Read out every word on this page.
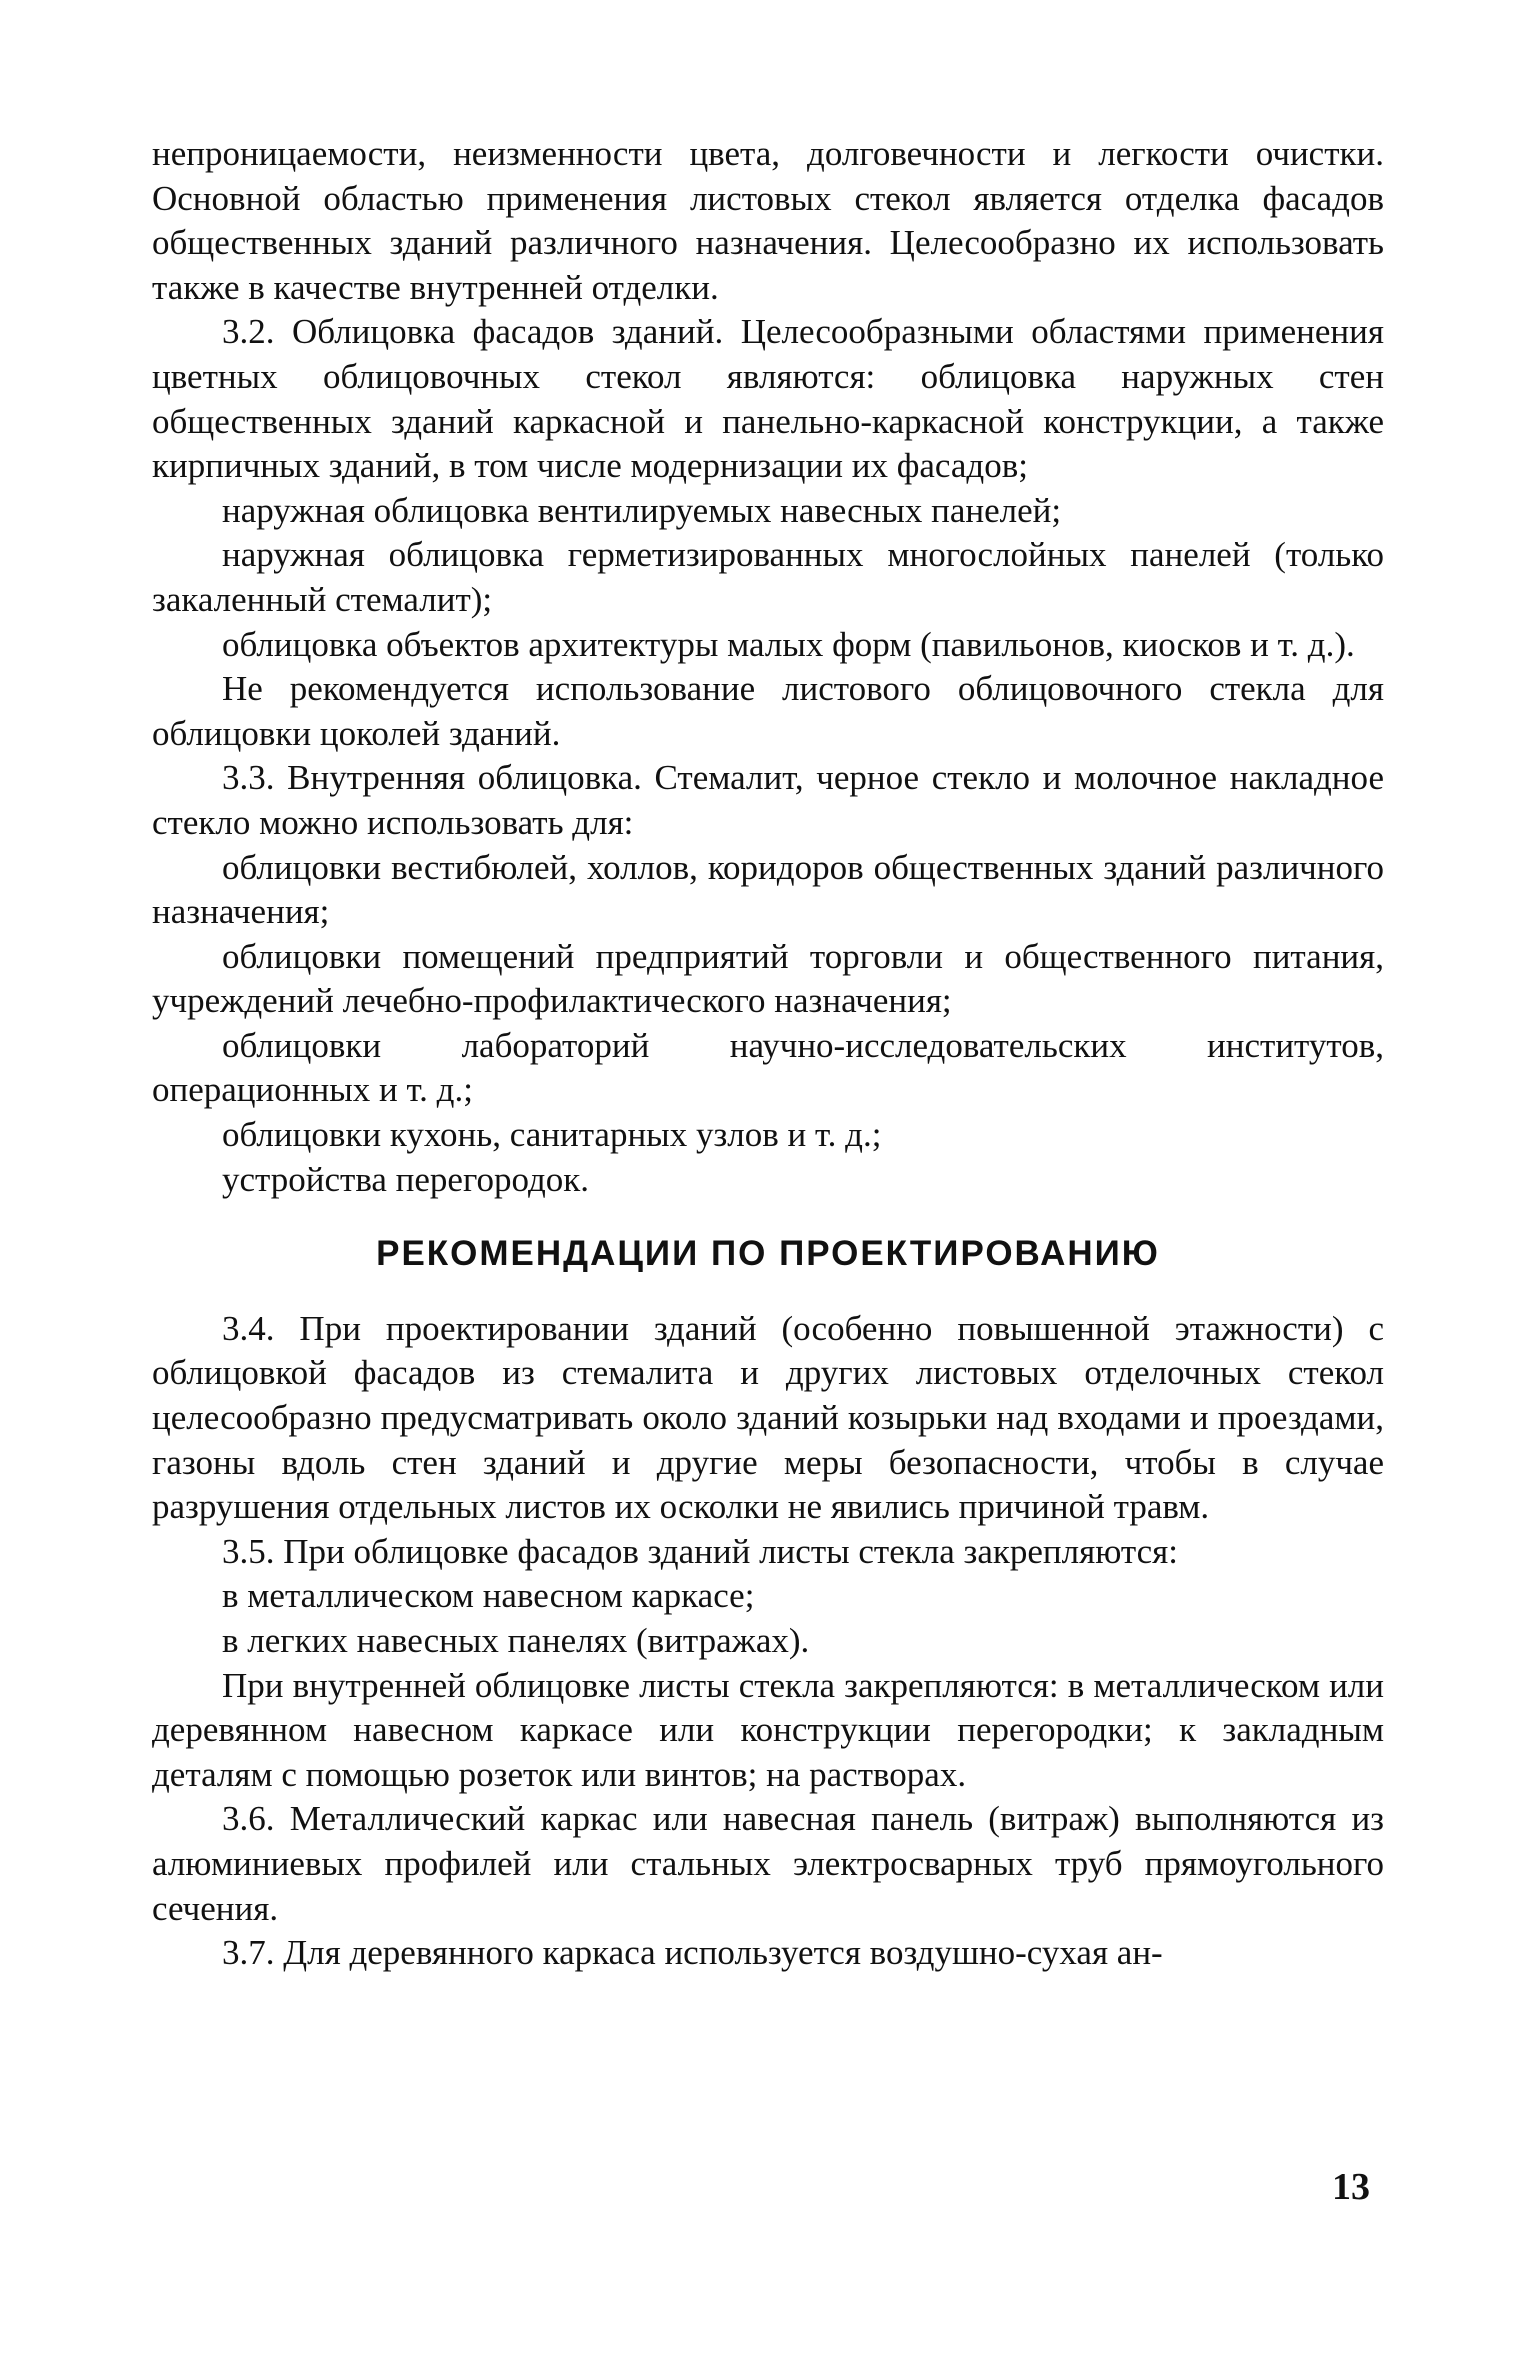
непроницаемости, неизменности цвета, долговечности и легкости очистки. Основной областью применения листовых стекол является отделка фасадов общественных зданий различного назначения. Целесообразно их использовать также в качестве внутренней отделки.

3.2. Облицовка фасадов зданий. Целесообразными областями применения цветных облицовочных стекол являются: облицовка наружных стен общественных зданий каркасной и панельно-каркасной конструкции, а также кирпичных зданий, в том числе модернизации их фасадов;

наружная облицовка вентилируемых навесных панелей;

наружная облицовка герметизированных многослойных панелей (только закаленный стемалит);

облицовка объектов архитектуры малых форм (павильонов, киосков и т. д.).

Не рекомендуется использование листового облицовочного стекла для облицовки цоколей зданий.

3.3. Внутренняя облицовка. Стемалит, черное стекло и молочное накладное стекло можно использовать для:

облицовки вестибюлей, холлов, коридоров общественных зданий различного назначения;

облицовки помещений предприятий торговли и общественного питания, учреждений лечебно-профилактического назначения;

облицовки лабораторий научно-исследовательских институтов, операционных и т. д.;

облицовки кухонь, санитарных узлов и т. д.;

устройства перегородок.

РЕКОМЕНДАЦИИ ПО ПРОЕКТИРОВАНИЮ

3.4. При проектировании зданий (особенно повышенной этажности) с облицовкой фасадов из стемалита и других листовых отделочных стекол целесообразно предусматривать около зданий козырьки над входами и проездами, газоны вдоль стен зданий и другие меры безопасности, чтобы в случае разрушения отдельных листов их осколки не явились причиной травм.

3.5. При облицовке фасадов зданий листы стекла закрепляются:

в металлическом навесном каркасе;

в легких навесных панелях (витражах).

При внутренней облицовке листы стекла закрепляются: в металлическом или деревянном навесном каркасе или конструкции перегородки; к закладным деталям с помощью розеток или винтов; на растворах.

3.6. Металлический каркас или навесная панель (витраж) выполняются из алюминиевых профилей или стальных электросварных труб прямоугольного сечения.

3.7. Для деревянного каркаса используется воздушно-сухая ан-

13
